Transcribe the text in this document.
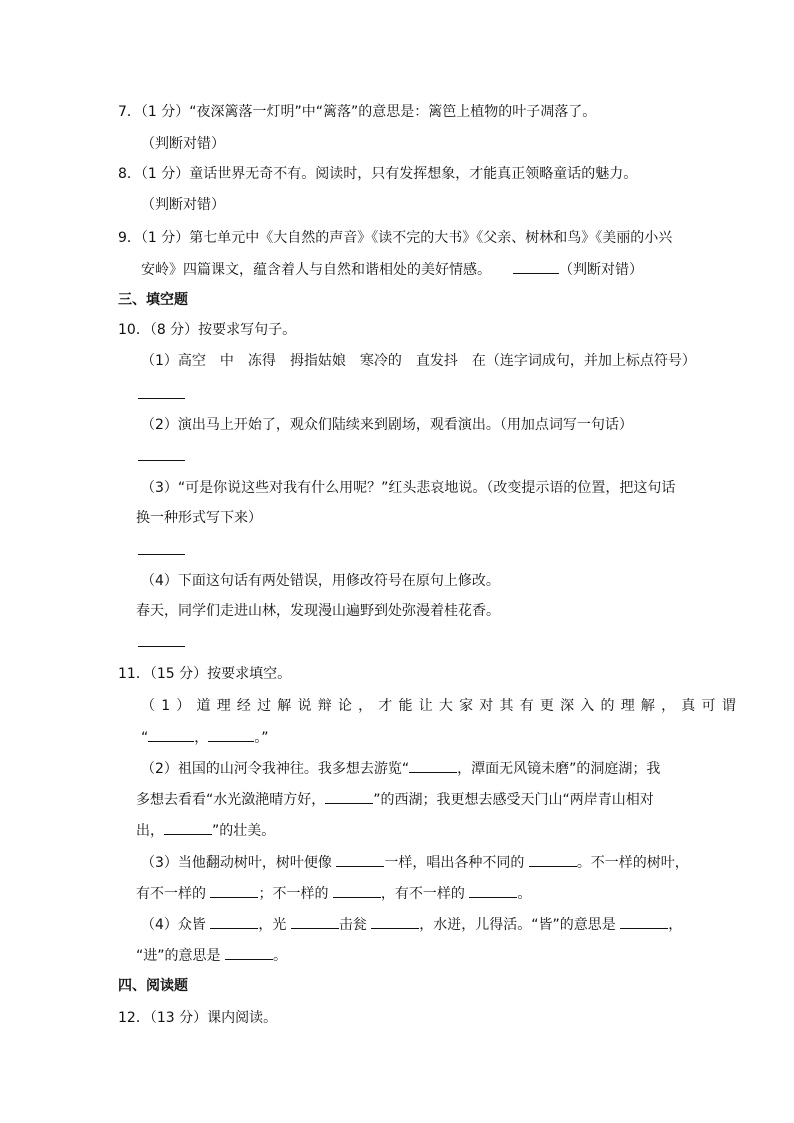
7．（1 分）“夜深篱落一灯明”中“篱落”的意思是：篱笆上植物的叶子凋落了。
（判断对错）
8．（1 分）童话世界无奇不有。阅读时，只有发挥想象，才能真正领略童话的魅力。
（判断对错）
9．（1 分）第七单元中《大自然的声音》《读不完的大书》《父亲、树林和鸟》《美丽的小兴
安岭》四篇课文，蕴含着人与自然和谐相处的美好情感。	（判断对错）
三、填空题
10．（8 分）按要求写句子。
（1）高空　中　冻得　拇指姑娘　寒冷的　直发抖　在（连字词成句，并加上标点符号）
（2）演出马上开始了，观众们陆续来到剧场，观看演出。（用加点词写一句话）
（3）“可是你说这些对我有什么用呢？”红头悲哀地说。（改变提示语的位置，把这句话
换一种形式写下来）
（4）下面这句话有两处错误，用修改符号在原句上修改。
春天，同学们走进山林，发现漫山遍野到处弥漫着桂花香。
11．（15 分）按要求填空。
（1）道理经过解说辩论，才能让大家对其有更深入的理解，真可谓
“	，	。”
（2）祖国的山河令我神往。我多想去游览“	，潭面无风镜未磨”的洞庭湖；我
多想去看看“水光潋滟晴方好，	”的西湖；我更想去感受天门山“两岸青山相对
出，	”的壮美。
（3）当他翻动树叶，树叶便像	一样，唱出各种不同的	。不一样的树叶，
有不一样的	；不一样的	，有不一样的	。
（4）众皆	，光	击瓮	，水迸，儿得活。“皆”的意思是	，
“进”的意思是	。
四、阅读题
12．（13 分）课内阅读。
